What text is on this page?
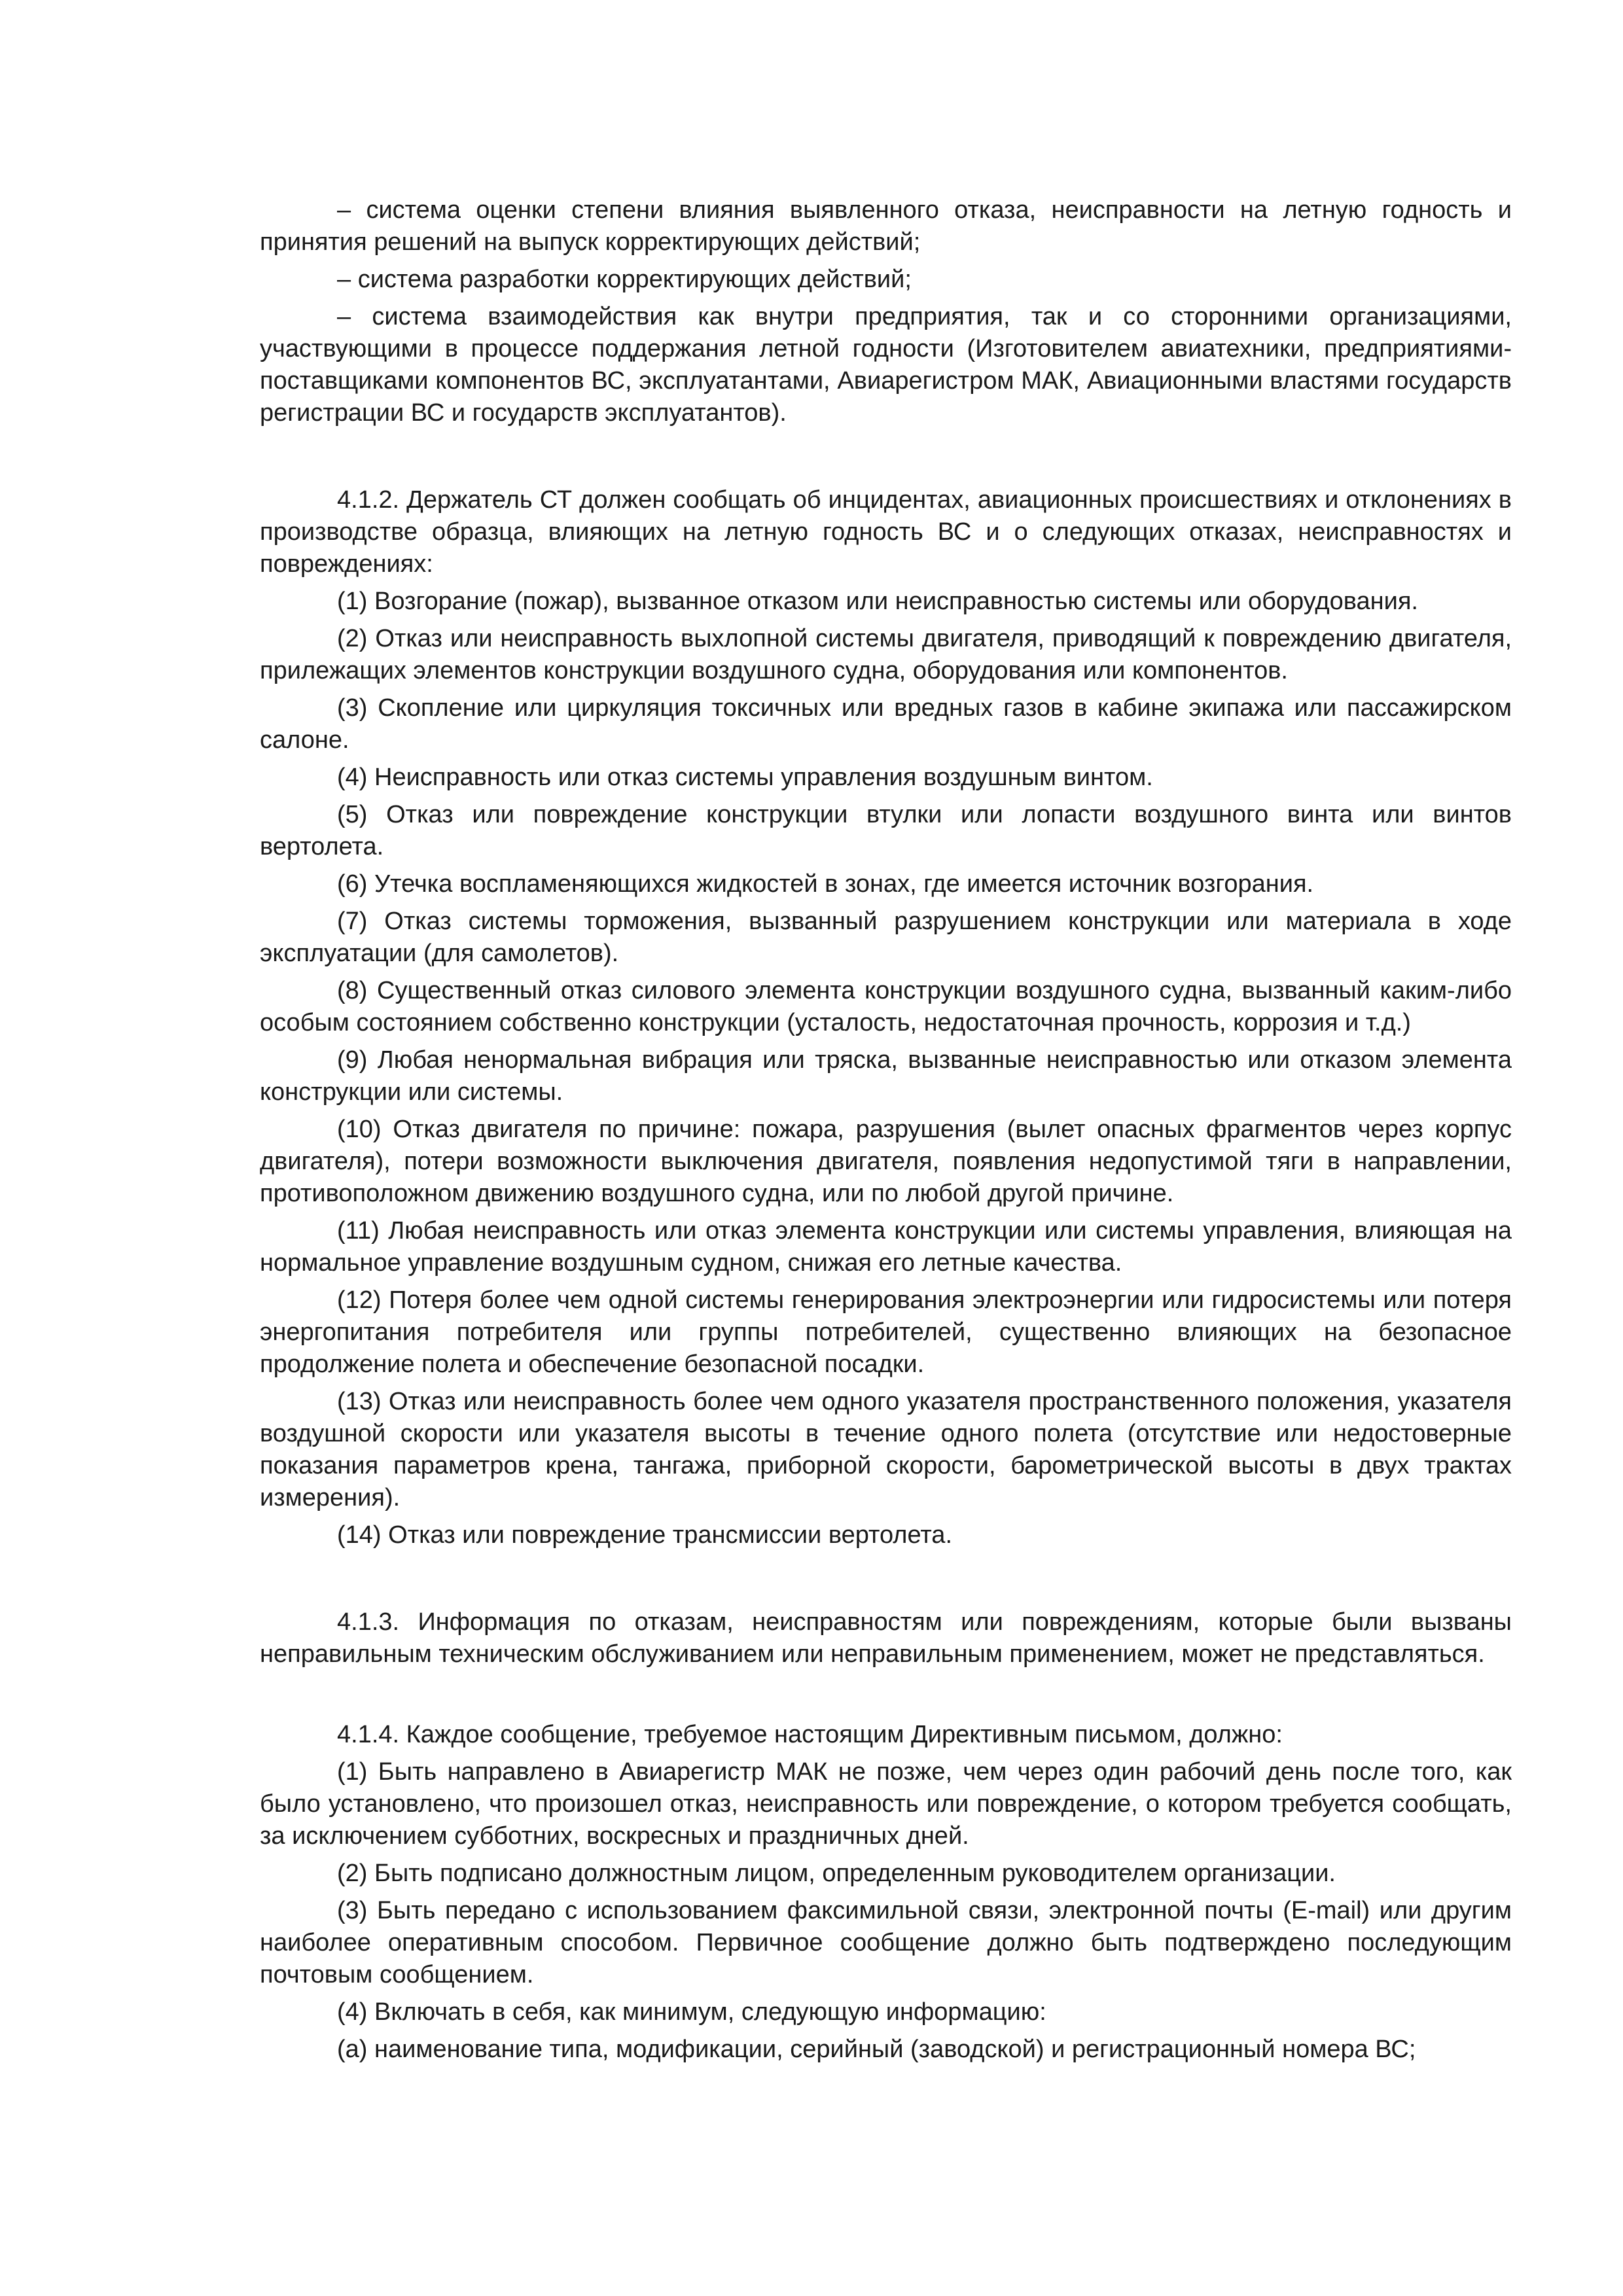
– система оценки степени влияния выявленного отказа, неисправности на летную годность и принятия решений на выпуск корректирующих действий;

– система разработки корректирующих действий;

– система взаимодействия как внутри предприятия, так и со сторонними организациями, участвующими в процессе поддержания летной годности (Изготовителем авиатехники, предприятиями-поставщиками компонентов ВС, эксплуатантами, Авиарегистром МАК, Авиационными властями государств регистрации ВС и государств эксплуатантов).

4.1.2. Держатель СТ должен сообщать об инцидентах, авиационных происшествиях и отклонениях в производстве образца, влияющих на летную годность ВС и о следующих отказах, неисправностях и повреждениях:

(1) Возгорание (пожар), вызванное отказом или неисправностью системы или оборудования.

(2) Отказ или неисправность выхлопной системы двигателя, приводящий к повреждению двигателя, прилежащих элементов конструкции воздушного судна, оборудования или компонентов.

(3) Скопление или циркуляция токсичных или вредных газов в кабине экипажа или пассажирском салоне.

(4) Неисправность или отказ системы управления воздушным винтом.

(5) Отказ или повреждение конструкции втулки или лопасти воздушного винта или винтов вертолета.

(6) Утечка воспламеняющихся жидкостей в зонах, где имеется источник возгорания.

(7) Отказ системы торможения, вызванный разрушением конструкции или материала в ходе эксплуатации (для самолетов).

(8) Существенный отказ силового элемента конструкции воздушного судна, вызванный каким-либо особым состоянием собственно конструкции (усталость, недостаточная прочность, коррозия и т.д.)

(9) Любая ненормальная вибрация или тряска, вызванные неисправностью или отказом элемента конструкции или системы.

(10) Отказ двигателя по причине: пожара, разрушения (вылет опасных фрагментов через корпус двигателя), потери возможности выключения двигателя, появления недопустимой тяги в направлении, противоположном движению воздушного судна, или по любой другой причине.

(11) Любая неисправность или отказ элемента конструкции или системы управления, влияющая на нормальное управление воздушным судном, снижая его летные качества.

(12) Потеря более чем одной системы генерирования электроэнергии или гидросистемы или потеря энергопитания потребителя или группы потребителей, существенно влияющих на безопасное продолжение полета и обеспечение безопасной посадки.

(13) Отказ или неисправность более чем одного указателя пространственного положения, указателя воздушной скорости или указателя высоты в течение одного полета (отсутствие или недостоверные показания параметров крена, тангажа, приборной скорости, барометрической высоты в двух трактах измерения).

(14) Отказ или повреждение трансмиссии вертолета.

4.1.3. Информация по отказам, неисправностям или повреждениям, которые были вызваны неправильным техническим обслуживанием или неправильным применением, может не представляться.

4.1.4. Каждое сообщение, требуемое настоящим Директивным письмом, должно:

(1) Быть направлено в Авиарегистр МАК не позже, чем через один рабочий день после того, как было установлено, что произошел отказ, неисправность или повреждение, о котором требуется сообщать, за исключением субботних, воскресных и праздничных дней.

(2) Быть подписано должностным лицом, определенным руководителем организации.

(3) Быть передано с использованием факсимильной связи, электронной почты (E-mail) или другим наиболее оперативным способом. Первичное сообщение должно быть подтверждено последующим почтовым сообщением.

(4) Включать в себя, как минимум, следующую информацию:

(а) наименование типа, модификации, серийный (заводской) и регистрационный номера ВС;
